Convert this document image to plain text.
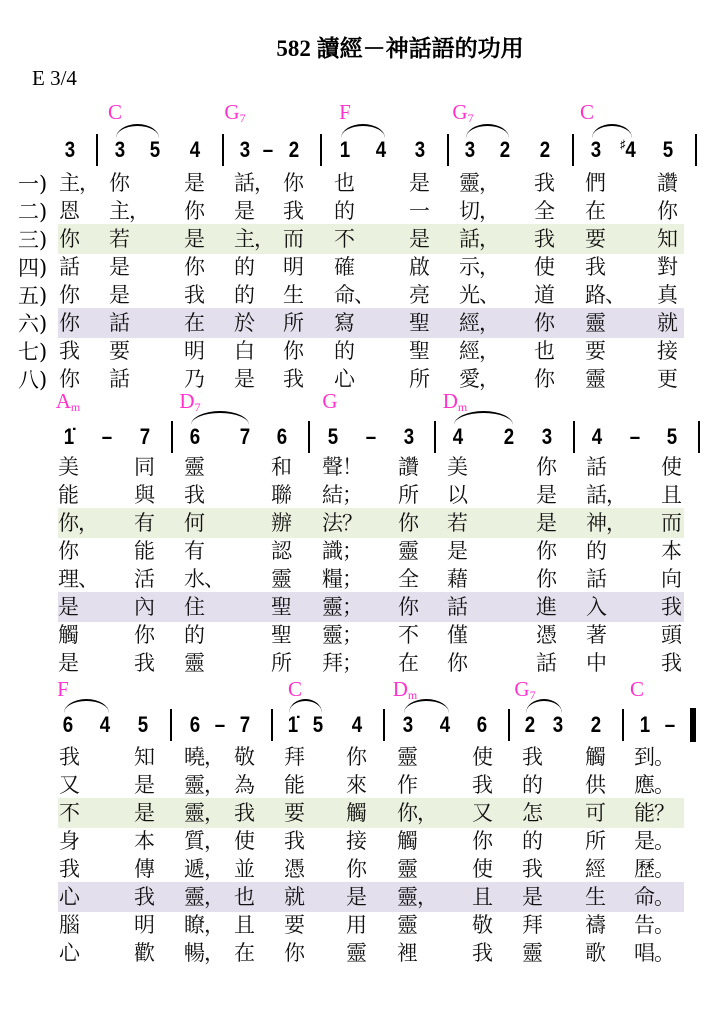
582 讀經－神話語的功用
E 3/4
C	$G_7$	F	$G_7$	C
3 3 5 4 3 – 2 1 4 3 3 2 2 3 ♯4 5
一) 主， 你	是 話， 你 也	是 靈， 我 們 讚
二) 恩 主， 你 是 我 的	一 切， 全 在 你
三) 你 若	是 主， 而 不	是 話， 我 要 知
四) 話 是	你 的 明 確	啟 示， 使 我 對
五) 你 是	我 的 生 命、 亮 光、 道 路、 真
六) 你 話	在 於 所 寫	聖 經， 你 靈 就
七) 我 要	明 白 你 的	聖 經， 也 要 接
八) 你 話	乃 是 我 心	所 愛， 你 靈 更
$A_m$	$D_7$	G	$D_m$
1̇ – 7 6 7 6 5 – 3 4 2 3 4 – 5
美	同 靈	和 聲！ 讚 美	你 話	使
能	與 我	聯 結； 所 以	是 話， 且
你， 有 何	辦 法？ 你 若	是 神， 而
你	能 有	認 識； 靈 是	你 的	本
理、 活 水、 靈 糧； 全 藉	你 話	向
是	內 住	聖 靈； 你 話	進 入	我
觸	你 的	聖 靈； 不 僅	憑 著	頭
是	我 靈	所 拜； 在 你	話 中	我
F	C	$D_m$	$G_7$	C
6 4 5 6 – 7 1̇ 5 4 3 4 6 2 3 2 1 –
我	知 曉， 敬 拜 你 靈	使 我 觸 到。
又	是 靈， 為 能 來 作	我 的 供 應。
不	是 靈， 我 要 觸 你， 又 怎 可 能？
身	本 質， 使 我 接 觸	你 的 所 是。
我	傳 遞， 並 憑 你 靈	使 我 經 歷。
心	我 靈， 也 就 是 靈， 且 是 生 命。
腦	明 瞭， 且 要 用 靈	敬 拜 禱 告。
心	歡 暢， 在 你 靈 裡	我 靈 歌 唱。
